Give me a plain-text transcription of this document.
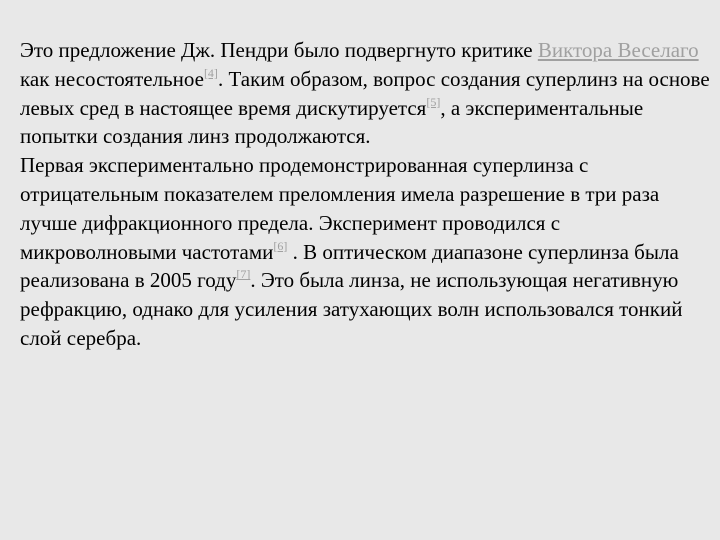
Это предложение Дж. Пендри было подвергнуто критике Виктора Веселаго как несостоятельное[4]. Таким образом, вопрос создания суперлинз на основе левых сред в настоящее время дискутируется[5], а экспериментальные попытки создания линз продолжаются.

Первая экспериментально продемонстрированная суперлинза с отрицательным показателем преломления имела разрешение в три раза лучше дифракционного предела. Эксперимент проводился с микроволновыми частотами[6] . В оптическом диапазоне суперлинза была реализована в 2005 году[7]. Это была линза, не использующая негативную рефракцию, однако для усиления затухающих волн использовался тонкий слой серебра.
